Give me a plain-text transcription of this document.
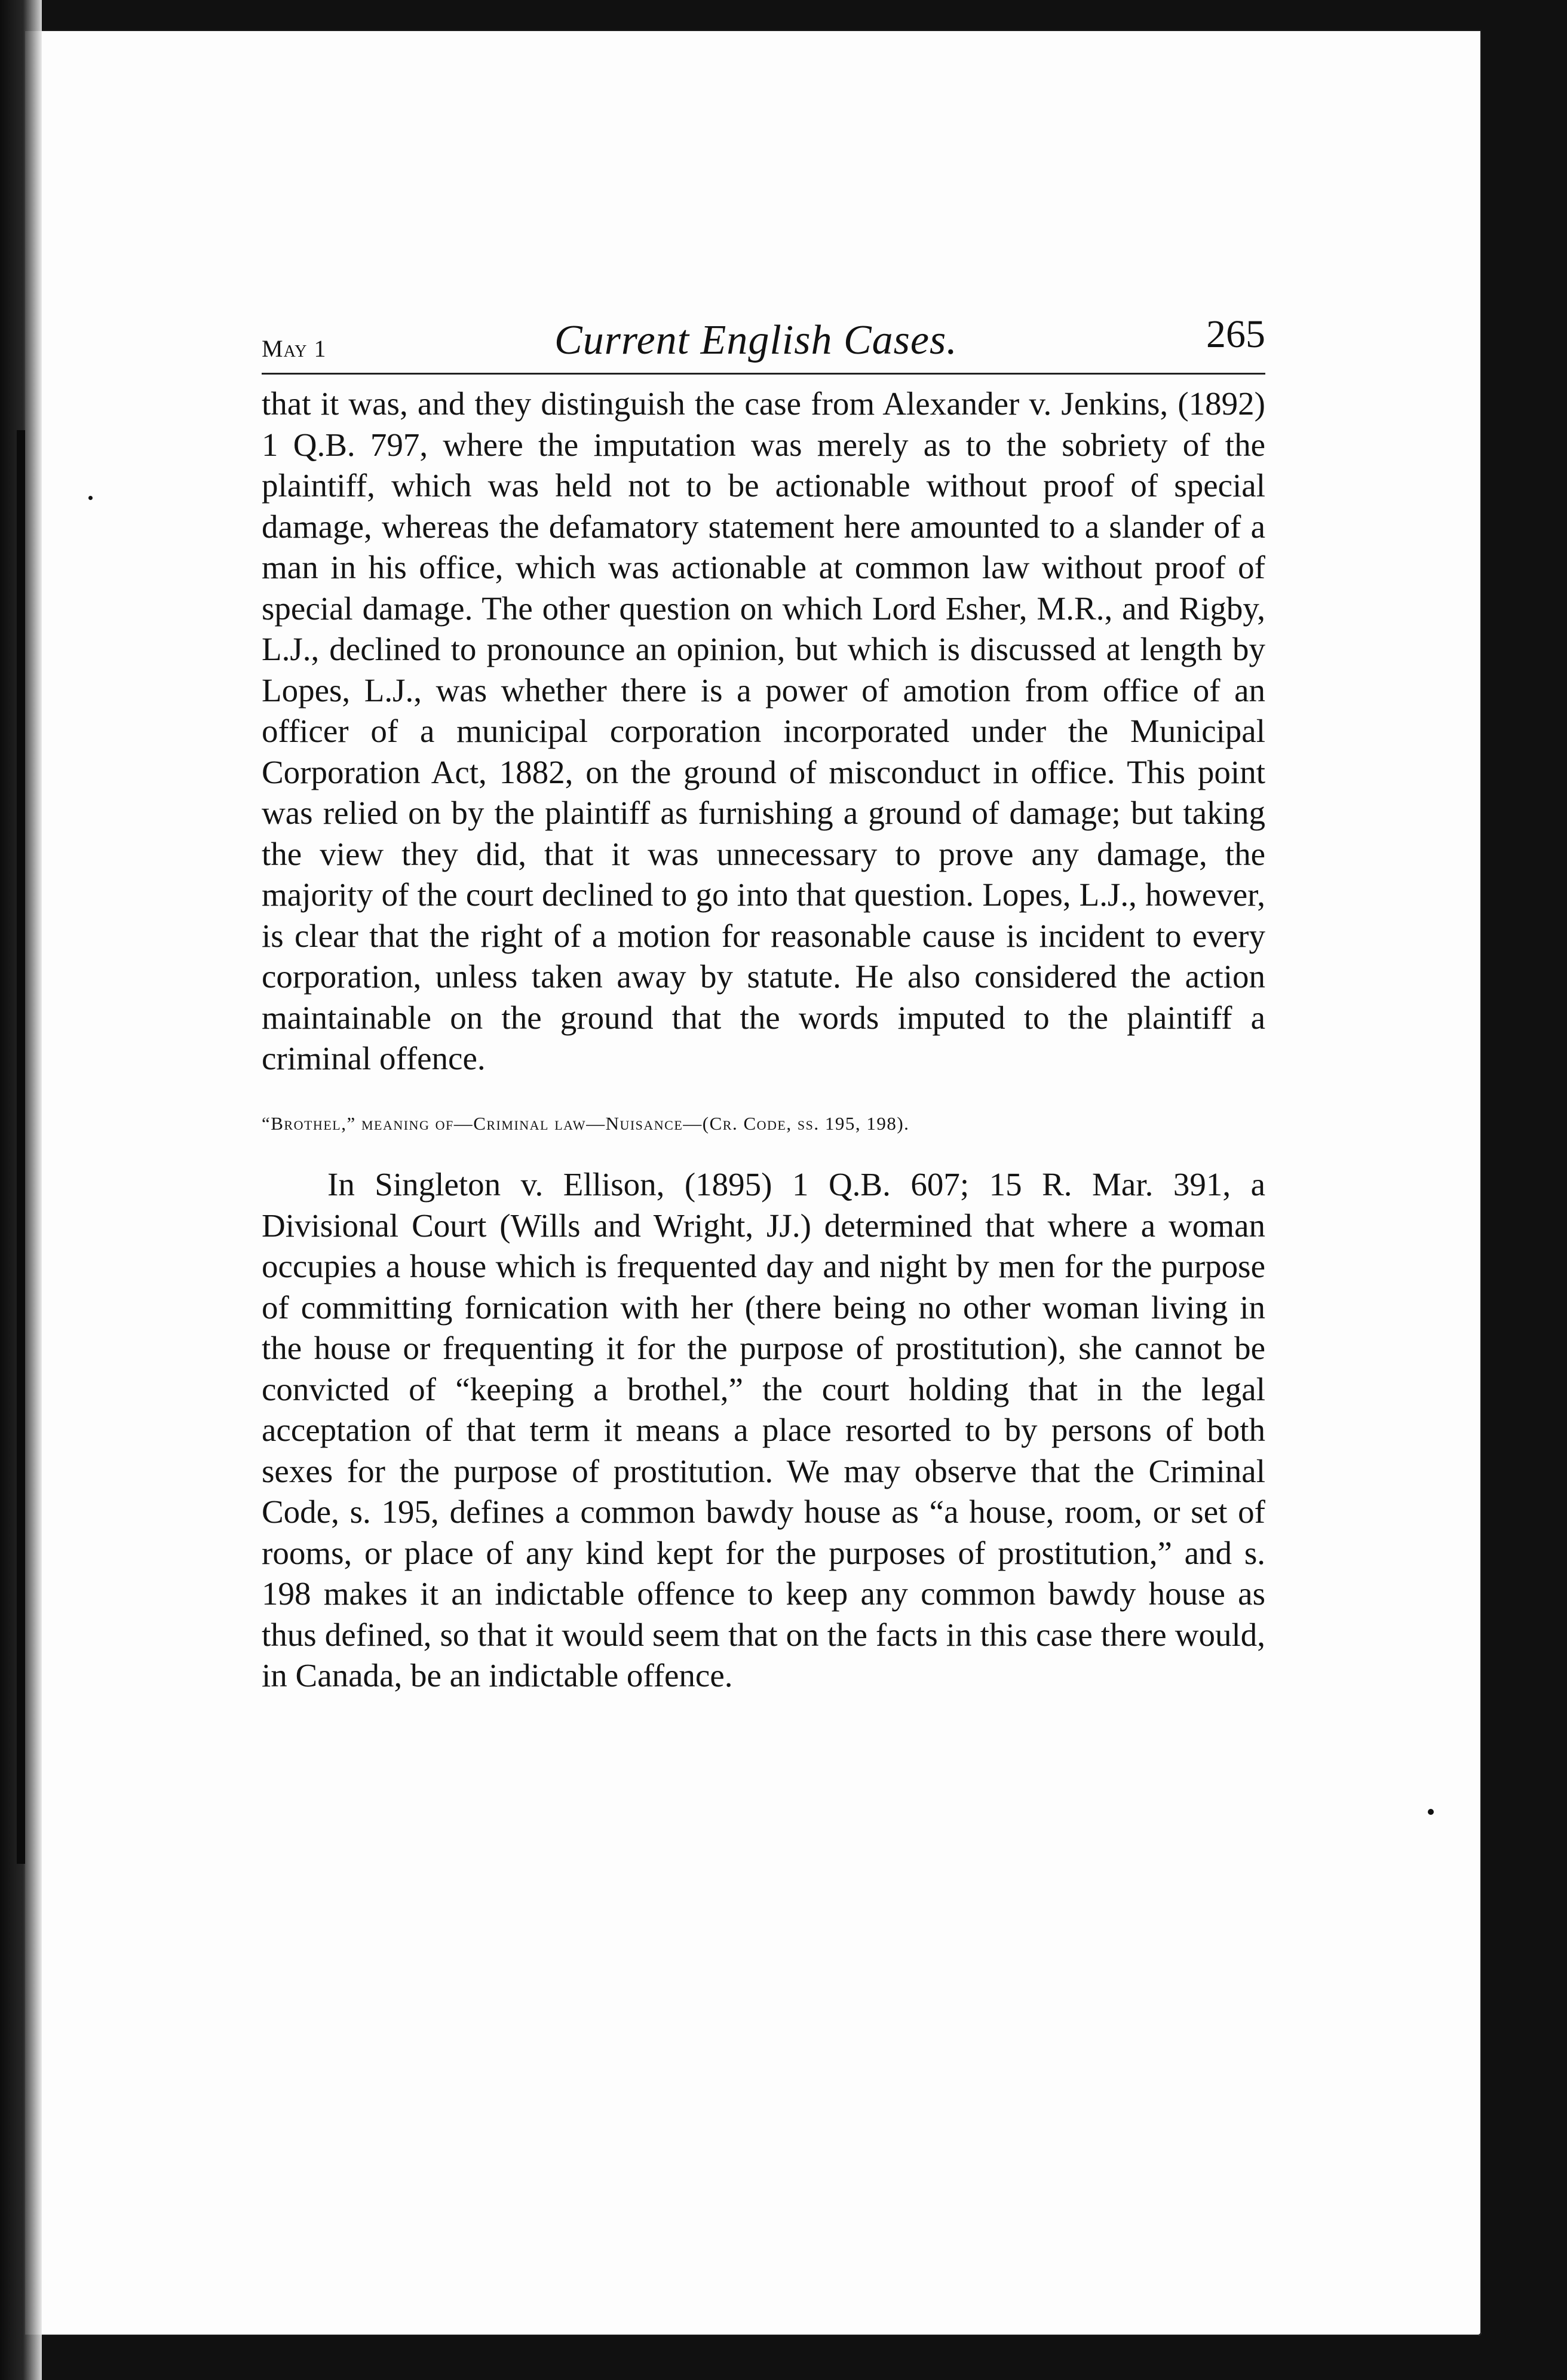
May 1	Current English Cases.	265

that it was, and they distinguish the case from Alexander v. Jenkins, (1892) 1 Q.B. 797, where the imputation was merely as to the sobriety of the plaintiff, which was held not to be actionable without proof of special damage, whereas the defamatory statement here amounted to a slander of a man in his office, which was actionable at common law without proof of special damage. The other question on which Lord Esher, M.R., and Rigby, L.J., declined to pronounce an opinion, but which is discussed at length by Lopes, L.J., was whether there is a power of amotion from office of an officer of a municipal corporation incorporated under the Municipal Corporation Act, 1882, on the ground of misconduct in office. This point was relied on by the plaintiff as furnishing a ground of damage; but taking the view they did, that it was unnecessary to prove any damage, the majority of the court declined to go into that question. Lopes, L.J., however, is clear that the right of a motion for reasonable cause is incident to every corporation, unless taken away by statute. He also considered the action maintainable on the ground that the words imputed to the plaintiff a criminal offence.

“Brothel,” meaning of—Criminal law—Nuisance—(Cr. Code, ss. 195, 198).

In Singleton v. Ellison, (1895) 1 Q.B. 607; 15 R. Mar. 391, a Divisional Court (Wills and Wright, JJ.) determined that where a woman occupies a house which is frequented day and night by men for the purpose of committing fornication with her (there being no other woman living in the house or frequenting it for the purpose of prostitution), she cannot be convicted of “keeping a brothel,” the court holding that in the legal acceptation of that term it means a place resorted to by persons of both sexes for the purpose of prostitution. We may observe that the Criminal Code, s. 195, defines a common bawdy house as “a house, room, or set of rooms, or place of any kind kept for the purposes of prostitution,” and s. 198 makes it an indictable offence to keep any common bawdy house as thus defined, so that it would seem that on the facts in this case there would, in Canada, be an indictable offence.
